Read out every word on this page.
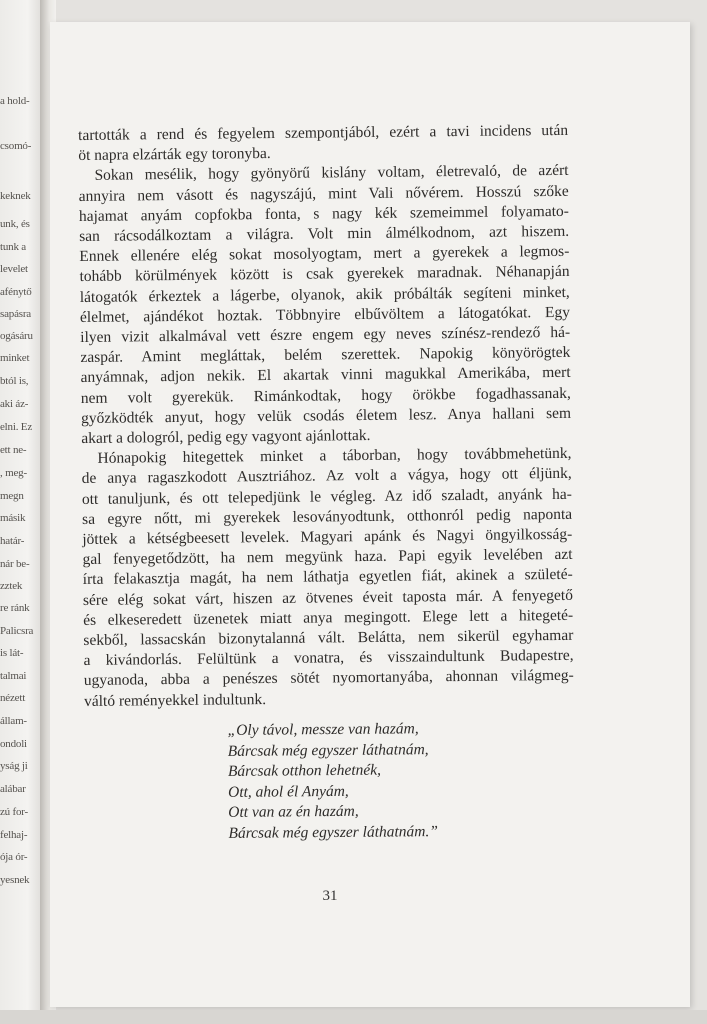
a hold-
csomó-
keknek
unk, és
tunk a
levelet
afénytő
sapásra
ogásáru
minket
btól is,
aki áz-
elni. Ez
ett ne-
, meg-
megn
másik
határ-
nár be-
zztek
re ránk
Palicsra
is lát-
talmai
nézett
állam-
ondoli
yság ji
alábar
zú for-
felhaj-
ója ór-
yesnek
tartották a rend és fegyelem szempontjából, ezért a tavi incidens után
öt napra elzárták egy toronyba.
Sokan mesélik, hogy gyönyörű kislány voltam, életrevaló, de azért
annyira nem vásott és nagyszájú, mint Vali nővérem. Hosszú szőke
hajamat anyám copfokba fonta, s nagy kék szemeimmel folyamato-
san rácsodálkoztam a világra. Volt min álmélkodnom, azt hiszem.
Ennek ellenére elég sokat mosolyogtam, mert a gyerekek a legmos-
tohább körülmények között is csak gyerekek maradnak. Néhanapján
látogatók érkeztek a lágerbe, olyanok, akik próbálták segíteni minket,
élelmet, ajándékot hoztak. Többnyire elbűvöltem a látogatókat. Egy
ilyen vizit alkalmával vett észre engem egy neves színész-rendező há-
zaspár. Amint megláttak, belém szerettek. Napokig könyörögtek
anyámnak, adjon nekik. El akartak vinni magukkal Amerikába, mert
nem volt gyerekük. Rimánkodtak, hogy örökbe fogadhassanak,
győzködték anyut, hogy velük csodás életem lesz. Anya hallani sem
akart a dologról, pedig egy vagyont ajánlottak.
Hónapokig hitegettek minket a táborban, hogy továbbmehetünk,
de anya ragaszkodott Ausztriához. Az volt a vágya, hogy ott éljünk,
ott tanuljunk, és ott telepedjünk le végleg. Az idő szaladt, anyánk ha-
sa egyre nőtt, mi gyerekek lesoványodtunk, otthonról pedig naponta
jöttek a kétségbeesett levelek. Magyari apánk és Nagyi öngyilkosság-
gal fenyegetődzött, ha nem megyünk haza. Papi egyik levelében azt
írta felakasztja magát, ha nem láthatja egyetlen fiát, akinek a születé-
sére elég sokat várt, hiszen az ötvenes éveit taposta már. A fenyegető
és elkeseredett üzenetek miatt anya megingott. Elege lett a hitegeté-
sekből, lassacskán bizonytalanná vált. Belátta, nem sikerül egyhamar
a kivándorlás. Felültünk a vonatra, és visszaindultunk Budapestre,
ugyanoda, abba a penészes sötét nyomortanyába, ahonnan világmeg-
váltó reményekkel indultunk.
„Oly távol, messze van hazám,
Bárcsak még egyszer láthatnám,
Bárcsak otthon lehetnék,
Ott, ahol él Anyám,
Ott van az én hazám,
Bárcsak még egyszer láthatnám.”
31
